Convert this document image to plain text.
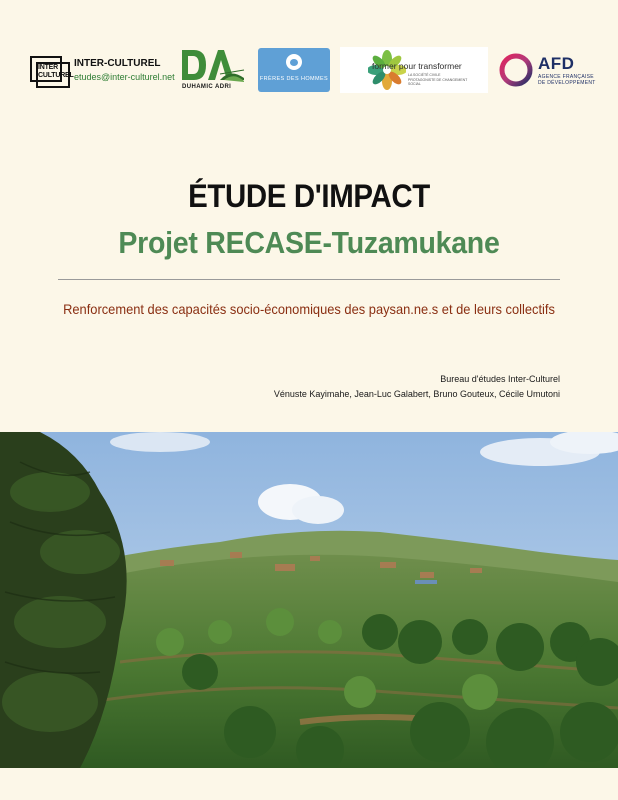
INTER CULTUREL
INTER-CULTUREL
etudes@inter-culturel.net
DUHAMIC ADRI
FRÈRES DES HOMMES
former pour transformer
LA SOCIÉTÉ CIVILE PROTAGONISTE DE CHANGEMENT SOCIAL
AFD
AGENCE FRANÇAISE
DE DÉVELOPPEMENT
ÉTUDE D'IMPACT
Projet RECASE-Tuzamukane
Renforcement des capacités socio-économiques des paysan.ne.s et de leurs collectifs
Bureau d'études Inter-Culturel
Vénuste Kayimahe, Jean-Luc Galabert, Bruno Gouteux, Cécile Umutoni
